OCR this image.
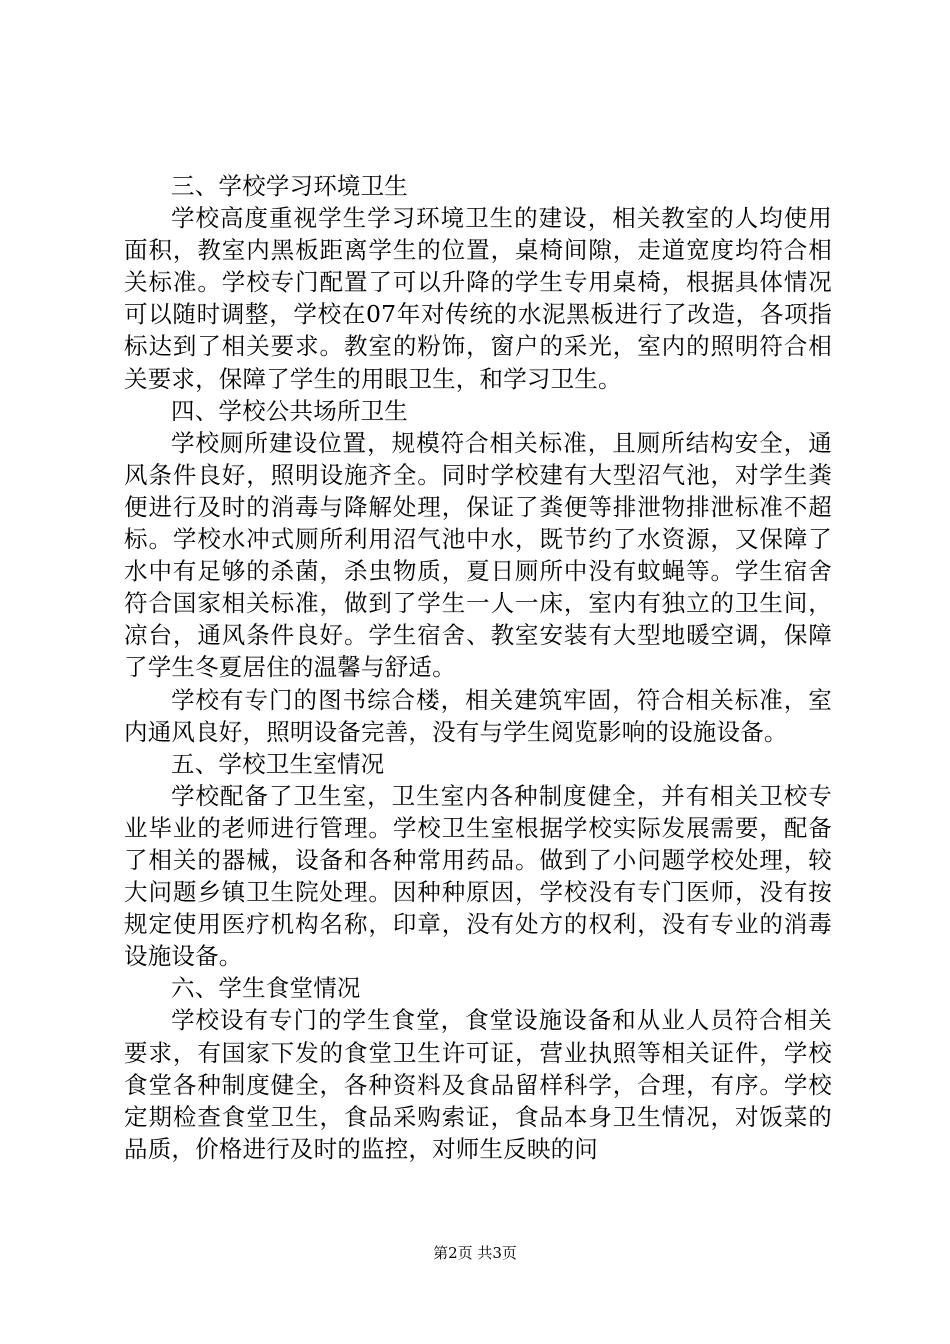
三、学校学习环境卫生

学校高度重视学生学习环境卫生的建设，相关教室的人均使用面积，教室内黑板距离学生的位置，桌椅间隙，走道宽度均符合相关标准。学校专门配置了可以升降的学生专用桌椅，根据具体情况可以随时调整，学校在07年对传统的水泥黑板进行了改造，各项指标达到了相关要求。教室的粉饰，窗户的采光，室内的照明符合相关要求，保障了学生的用眼卫生，和学习卫生。

四、学校公共场所卫生

学校厕所建设位置，规模符合相关标准，且厕所结构安全，通风条件良好，照明设施齐全。同时学校建有大型沼气池，对学生粪便进行及时的消毒与降解处理，保证了粪便等排泄物排泄标准不超标。学校水冲式厕所利用沼气池中水，既节约了水资源，又保障了水中有足够的杀菌，杀虫物质，夏日厕所中没有蚊蝇等。学生宿舍符合国家相关标准，做到了学生一人一床，室内有独立的卫生间，凉台，通风条件良好。学生宿舍、教室安装有大型地暖空调，保障了学生冬夏居住的温馨与舒适。

学校有专门的图书综合楼，相关建筑牢固，符合相关标准，室内通风良好，照明设备完善，没有与学生阅览影响的设施设备。

五、学校卫生室情况

学校配备了卫生室，卫生室内各种制度健全，并有相关卫校专业毕业的老师进行管理。学校卫生室根据学校实际发展需要，配备了相关的器械，设备和各种常用药品。做到了小问题学校处理，较大问题乡镇卫生院处理。因种种原因，学校没有专门医师，没有按规定使用医疗机构名称，印章，没有处方的权利，没有专业的消毒设施设备。

六、学生食堂情况

学校设有专门的学生食堂，食堂设施设备和从业人员符合相关要求，有国家下发的食堂卫生许可证，营业执照等相关证件，学校食堂各种制度健全，各种资料及食品留样科学，合理，有序。学校定期检查食堂卫生，食品采购索证，食品本身卫生情况，对饭菜的品质，价格进行及时的监控，对师生反映的问

第2页 共3页
